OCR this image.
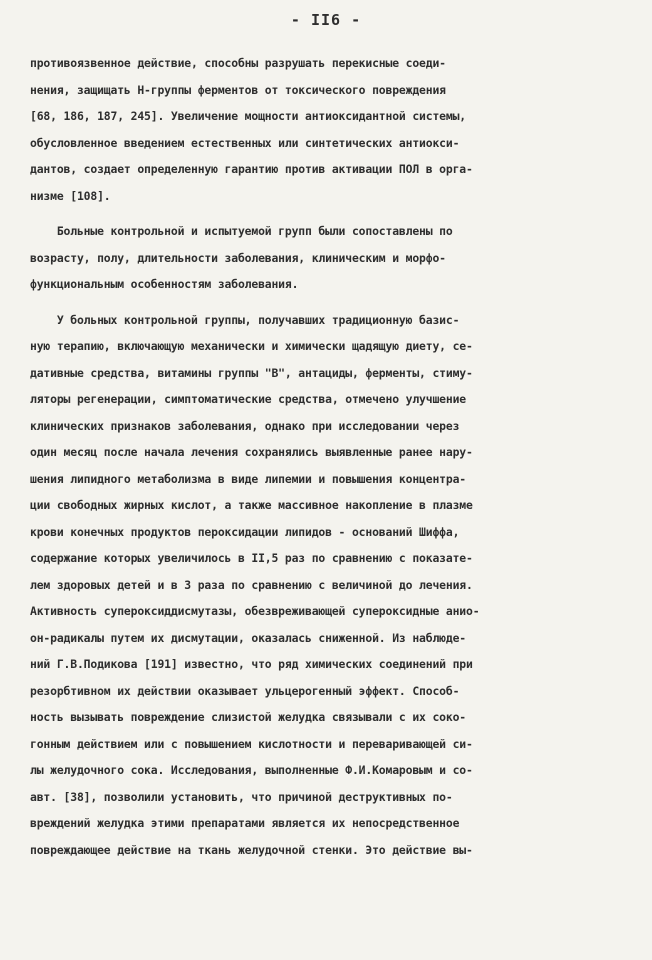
- II6 -
противоязвенное действие, способны разрушать перекисные соеди-
нения, защищать Н-группы ферментов от токсического повреждения
[68, 186, 187, 245]. Увеличение мощности антиоксидантной системы,
обусловленное введением естественных или синтетических антиокси-
дантов, создает определенную гарантию против активации ПОЛ в орга-
низме [108].
Больные контрольной и испытуемой групп были сопоставлены по
возрасту, полу, длительности заболевания, клиническим и морфо-
функциональным особенностям заболевания.
У больных контрольной группы, получавших традиционную базис-
ную терапию, включающую механически и химически щадящую диету, се-
дативные средства, витамины группы "В", антациды, ферменты, стиму-
ляторы регенерации, симптоматические средства, отмечено улучшение
клинических признаков заболевания, однако при исследовании через
один месяц после начала лечения сохранялись выявленные ранее нару-
шения липидного метаболизма в виде липемии и повышения концентра-
ции свободных жирных кислот, а также массивное накопление в плазме
крови конечных продуктов пероксидации липидов - оснований Шиффа,
содержание которых увеличилось в II,5 раз по сравнению с показате-
лем здоровых детей и в 3 раза по сравнению с величиной до лечения.
Активность супероксиддисмутазы, обезвреживающей супероксидные анио-
он-радикалы путем их дисмутации, оказалась сниженной. Из наблюде-
ний Г.В.Подикова [191] известно, что ряд химических соединений при
резорбтивном их действии оказывает ульцерогенный эффект. Способ-
ность вызывать повреждение слизистой желудка связывали с их соко-
гонным действием или с повышением кислотности и переваривающей си-
лы желудочного сока. Исследования, выполненные Ф.И.Комаровым и со-
авт. [38], позволили установить, что причиной деструктивных по-
вреждений желудка этими препаратами является их непосредственное
повреждающее действие на ткань желудочной стенки. Это действие вы-
